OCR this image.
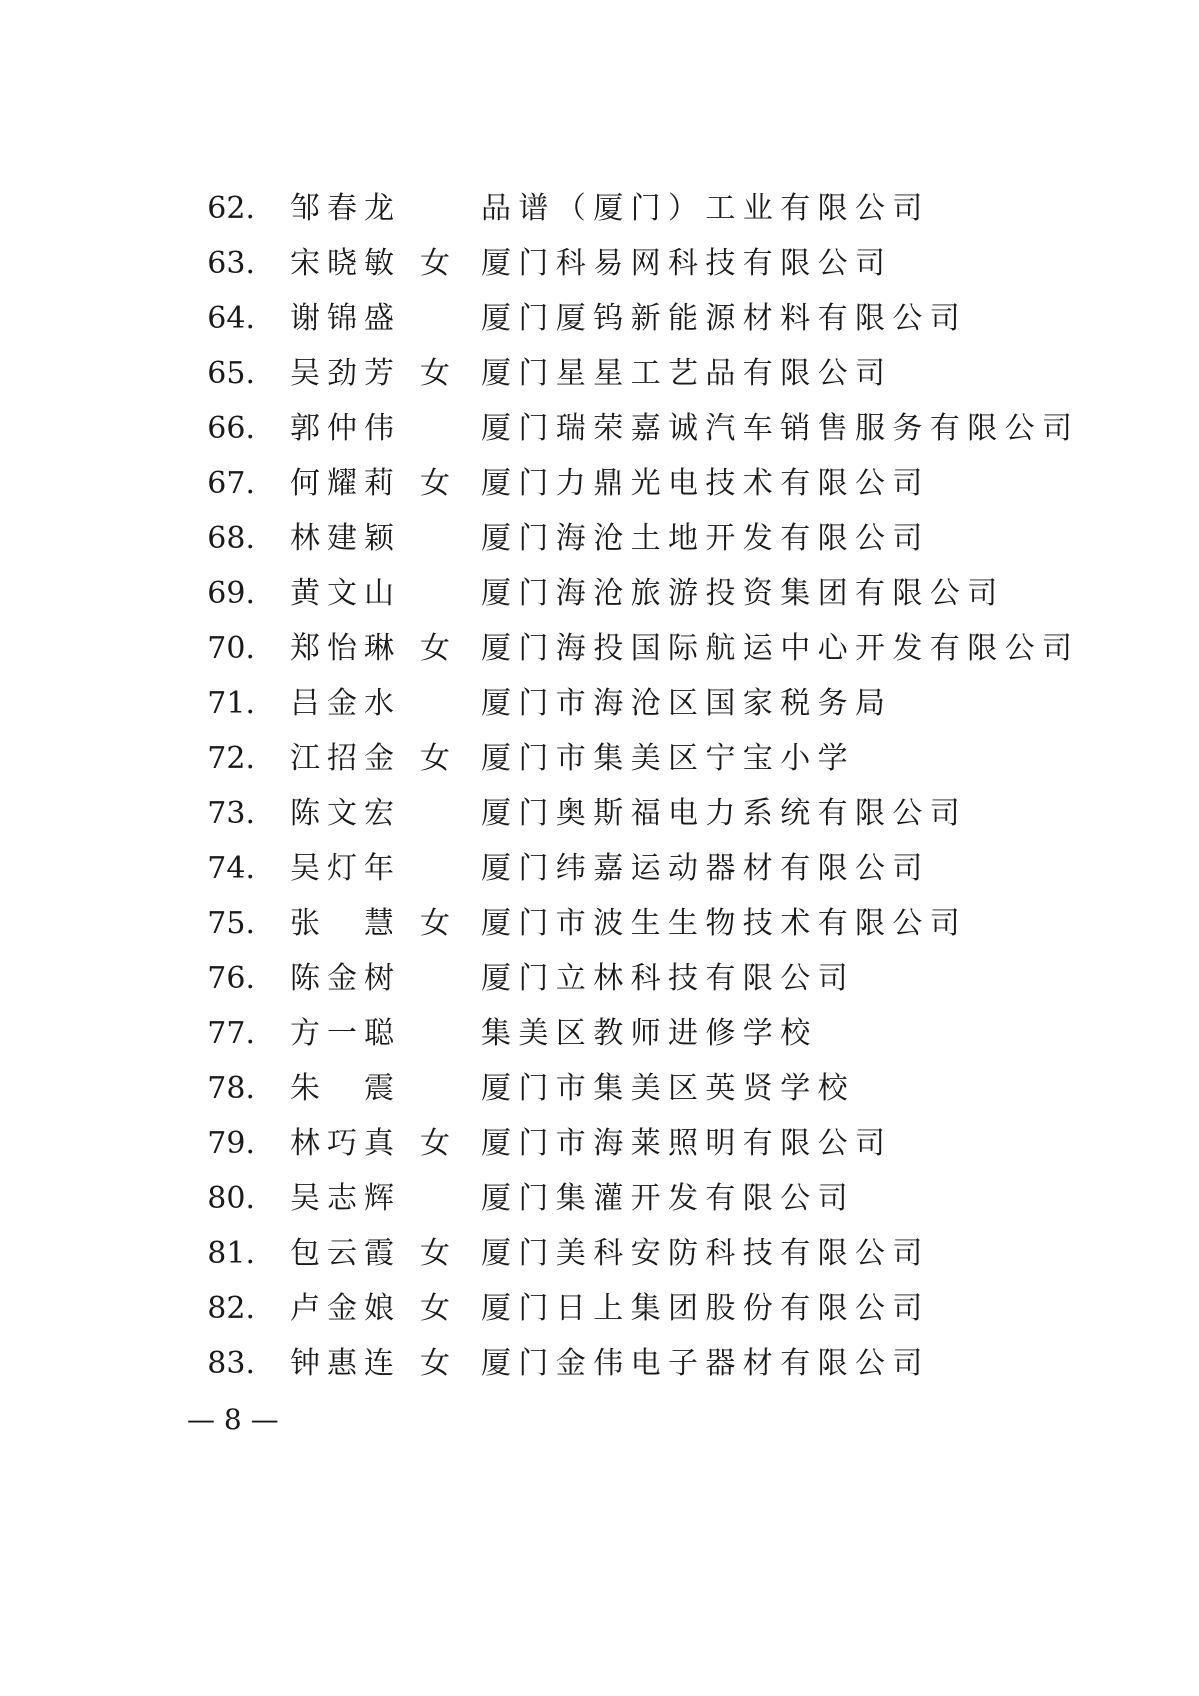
62. 邹春龙	品谱（厦门）工业有限公司
63. 宋晓敏 女 厦门科易网科技有限公司
64. 谢锦盛	厦门厦钨新能源材料有限公司
65. 吴劲芳 女 厦门星星工艺品有限公司
66. 郭仲伟	厦门瑞荣嘉诚汽车销售服务有限公司
67. 何耀莉 女 厦门力鼎光电技术有限公司
68. 林建颖	厦门海沧土地开发有限公司
69. 黄文山	厦门海沧旅游投资集团有限公司
70. 郑怡琳 女 厦门海投国际航运中心开发有限公司
71. 吕金水	厦门市海沧区国家税务局
72. 江招金 女 厦门市集美区宁宝小学
73. 陈文宏	厦门奥斯福电力系统有限公司
74. 吴灯年	厦门纬嘉运动器材有限公司
75. 张　慧 女 厦门市波生生物技术有限公司
76. 陈金树	厦门立林科技有限公司
77. 方一聪	集美区教师进修学校
78. 朱　震	厦门市集美区英贤学校
79. 林巧真 女 厦门市海莱照明有限公司
80. 吴志辉	厦门集灌开发有限公司
81. 包云霞 女 厦门美科安防科技有限公司
82. 卢金娘 女 厦门日上集团股份有限公司
83. 钟惠连 女 厦门金伟电子器材有限公司
— 8 —
